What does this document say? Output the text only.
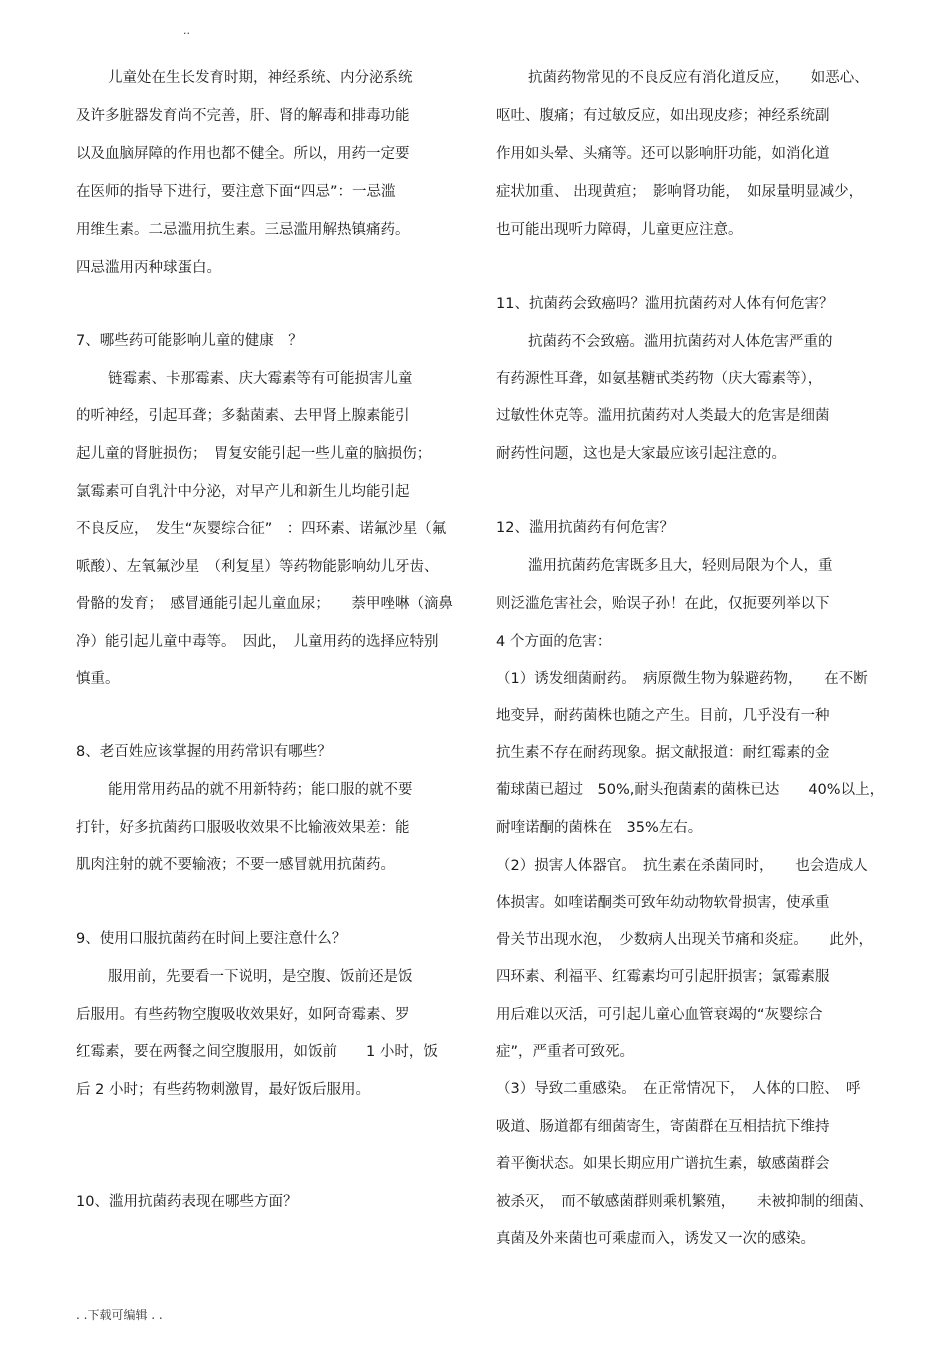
..
儿童处在生长发育时期，神经系统、内分泌系统
及许多脏器发育尚不完善，肝、肾的解毒和排毒功能
以及血脑屏障的作用也都不健全。所以，用药一定要
在医师的指导下进行，要注意下面“四忌”：一忌滥
用维生素。二忌滥用抗生素。三忌滥用解热镇痛药。
四忌滥用丙种球蛋白。
7、哪些药可能影响儿童的健康　？
链霉素、卡那霉素、庆大霉素等有可能损害儿童
的听神经，引起耳聋；多黏菌素、去甲肾上腺素能引
起儿童的肾脏损伤；　胃复安能引起一些儿童的脑损伤；
氯霉素可自乳汁中分泌，对早产儿和新生儿均能引起
不良反应，　发生“灰婴综合征”　：四环素、诺氟沙星（氟
哌酸）、左氧氟沙星　（利复星）等药物能影响幼儿牙齿、
骨骼的发育；　感冒通能引起儿童血尿；　　萘甲唑啉（滴鼻
净）能引起儿童中毒等。　因此，　儿童用药的选择应特别
慎重。
8、老百姓应该掌握的用药常识有哪些？
能用常用药品的就不用新特药；能口服的就不要
打针，好多抗菌药口服吸收效果不比输液效果差：能
肌肉注射的就不要输液；不要一感冒就用抗菌药。
9、使用口服抗菌药在时间上要注意什么？
服用前，先要看一下说明，是空腹、饭前还是饭
后服用。有些药物空腹吸收效果好，如阿奇霉素、罗
红霉素，要在两餐之间空腹服用，如饭前　　1 小时，饭
后 2 小时；有些药物刺激胃，最好饭后服用。
10、滥用抗菌药表现在哪些方面？
抗菌药物常见的不良反应有消化道反应，　　如恶心、
呕吐、腹痛；有过敏反应，如出现皮疹；神经系统副
作用如头晕、头痛等。还可以影响肝功能，如消化道
症状加重、 出现黄疸；　影响肾功能，　如尿量明显减少，
也可能出现听力障碍，儿童更应注意。
11、抗菌药会致癌吗？滥用抗菌药对人体有何危害？
抗菌药不会致癌。滥用抗菌药对人体危害严重的
有药源性耳聋，如氨基糖甙类药物（庆大霉素等），
过敏性休克等。滥用抗菌药对人类最大的危害是细菌
耐药性问题，这也是大家最应该引起注意的。
12、滥用抗菌药有何危害？
滥用抗菌药危害既多且大，轻则局限为个人，重
则泛滥危害社会，贻误子孙！在此，仅扼要列举以下
4 个方面的危害：
（1）诱发细菌耐药。　病原微生物为躲避药物，　　在不断
地变异，耐药菌株也随之产生。目前，几乎没有一种
抗生素不存在耐药现象。据文献报道：耐红霉素的金
葡球菌已超过　50%,耐头孢菌素的菌株已达　　40%以上，
耐喹诺酮的菌株在　35%左右。
（2）损害人体器官。　抗生素在杀菌同时，　　也会造成人
体损害。如喹诺酮类可致年幼动物软骨损害，使承重
骨关节出现水泡，　少数病人出现关节痛和炎症。　　此外，
四环素、利福平、红霉素均可引起肝损害；氯霉素服
用后难以灭活，可引起儿童心血管衰竭的“灰婴综合
症”，严重者可致死。
（3）导致二重感染。　在正常情况下，　人体的口腔、　呼
吸道、肠道都有细菌寄生，寄菌群在互相拮抗下维持
着平衡状态。如果长期应用广谱抗生素，敏感菌群会
被杀灭，　而不敏感菌群则乘机繁殖，　　未被抑制的细菌、
真菌及外来菌也可乘虚而入，诱发又一次的感染。
. .下载可编辑 . .
